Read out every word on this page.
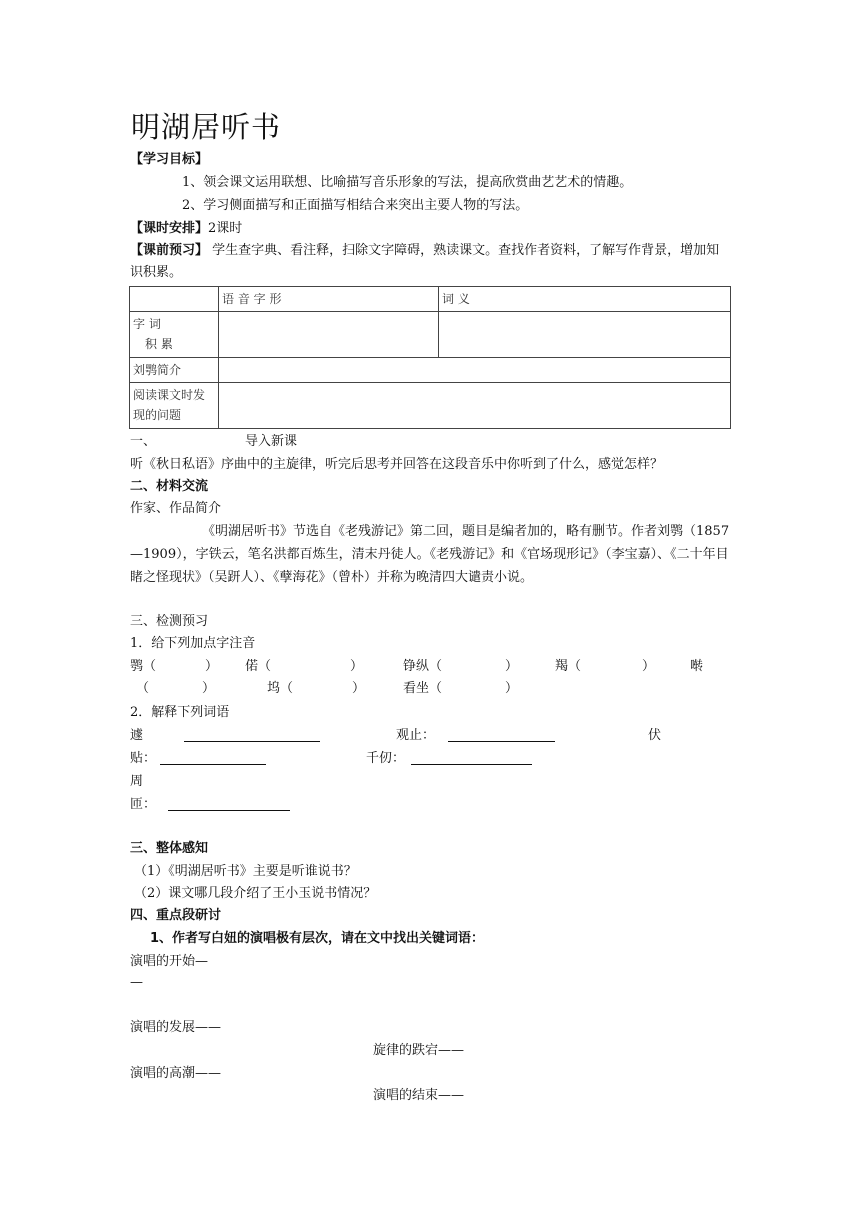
明湖居听书
【学习目标】
1、领会课文运用联想、比喻描写音乐形象的写法，提高欣赏曲艺艺术的情趣。
2、学习侧面描写和正面描写相结合来突出主要人物的写法。
【课时安排】2课时
【课前预习】 学生查字典、看注释，扫除文字障碍，熟读课文。查找作者资料，了解写作背景，增加知识积累。
	语 音 字 形	词 义

字 词
积 累		

刘鹗简介		

阅读课文时发
现的问题		

一、	导入新课
听《秋日私语》序曲中的主旋律，听完后思考并回答在这段音乐中你听到了什么，感觉怎样？
二、材料交流
作家、作品简介
《明湖居听书》节选自《老残游记》第二回，题目是编者加的，略有删节。作者刘鹗（1857 —1909），字铁云，笔名洪都百炼生，清末丹徒人。《老残游记》和《官场现形记》（李宝嘉）、《二十年目睹之怪现状》（吴趼人）、《孽海花》（曾朴）并称为晚清四大谴责小说。
三、检测预习
1．给下列加点字注音
鹗（	） 偌（	）	铮纵（	）	羯（	）	啭
（	）	坞（	）	看坐（	）
2．解释下列词语
遽	观止：	伏
贴：	千仞：
周
匝：
三、整体感知
（1）《明湖居听书》主要是听谁说书？
（2）课文哪几段介绍了王小玉说书情况？
四、重点段研讨
1、作者写白妞的演唱极有层次，请在文中找出关键词语：
演唱的开始—
—
演唱的发展——
旋律的跌宕——
演唱的高潮——
演唱的结束——
